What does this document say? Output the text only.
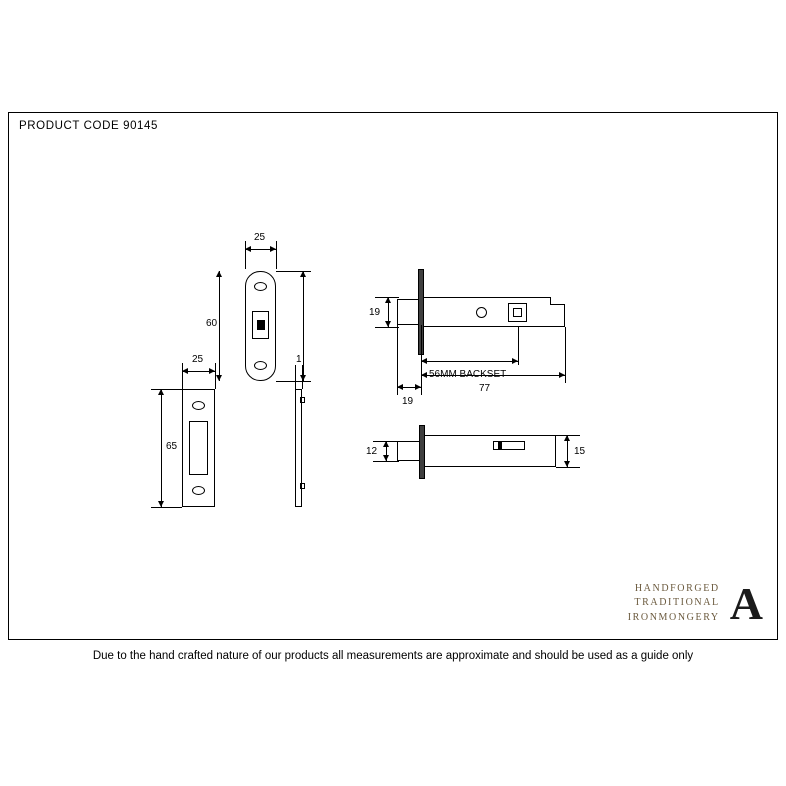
PRODUCT CODE 90145
25
60
25
65
1
19
19
56MM BACKSET
77
12	15
HANDFORGED
TRADITIONAL
IRONMONGERY A
Due to the hand crafted nature of our products all measurements are approximate and should be used as a guide only
